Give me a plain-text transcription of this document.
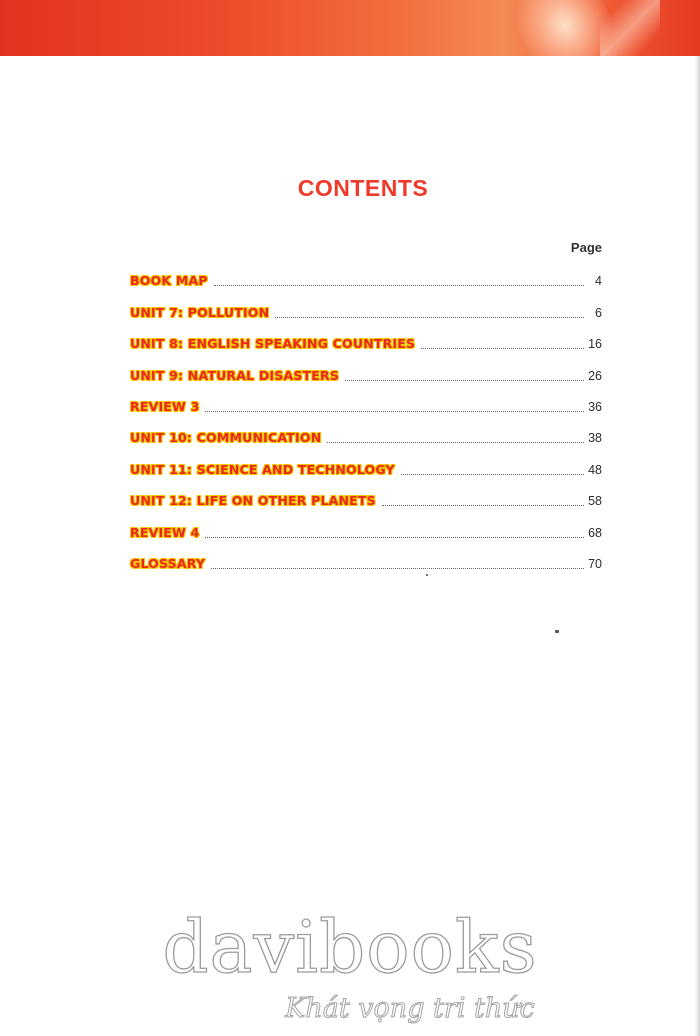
CONTENTS
Page
BOOK MAP	4
UNIT 7: POLLUTION	6
UNIT 8: ENGLISH SPEAKING COUNTRIES	16
UNIT 9: NATURAL DISASTERS	26
REVIEW 3	36
UNIT 10: COMMUNICATION	38
UNIT 11: SCIENCE AND TECHNOLOGY	48
UNIT 12: LIFE ON OTHER PLANETS	58
REVIEW 4	68
GLOSSARY	70
davibooks
Khát vọng tri thức
